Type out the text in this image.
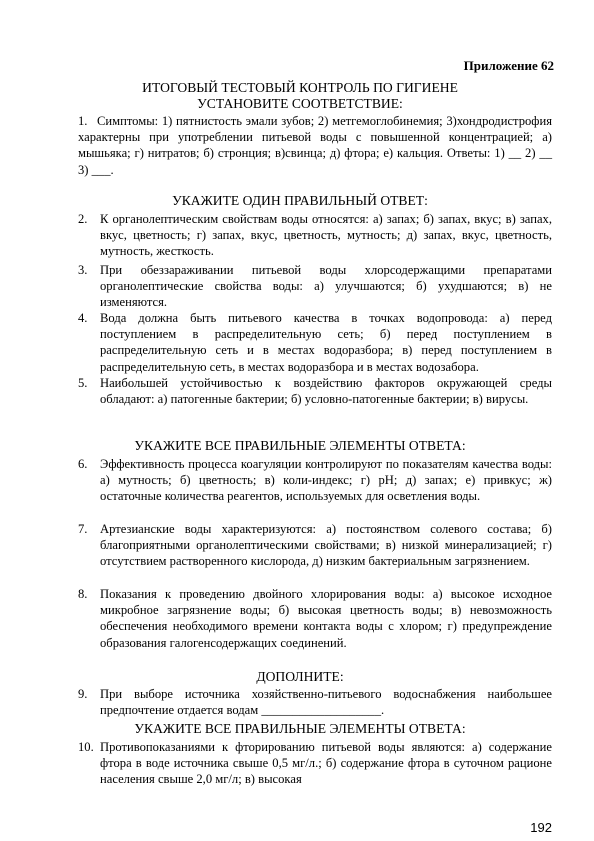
Приложение 62
ИТОГОВЫЙ ТЕСТОВЫЙ КОНТРОЛЬ ПО ГИГИЕНЕ
УСТАНОВИТЕ СООТВЕТСТВИЕ:
1. Симптомы: 1) пятнистость эмали зубов; 2) метгемоглобинемия; 3)хондродистрофия характерны при употреблении питьевой воды с повышенной концентрацией; а) мышьяка; г) нитратов; б) стронция; в)свинца; д) фтора; е) кальция. Ответы: 1) __ 2) __ 3) ___.
УКАЖИТЕ ОДИН ПРАВИЛЬНЫЙ ОТВЕТ:
2. К органолептическим свойствам воды относятся: а) запах; б) запах, вкус; в) запах, вкус, цветность; г) запах, вкус, цветность, мутность; д) запах, вкус, цветность, мутность, жесткость.
3. При обеззараживании питьевой воды хлорсодержащими препаратами органолептические свойства воды: а) улучшаются; б) ухудшаются; в) не изменяются.
4. Вода должна быть питьевого качества в точках водопровода: а) перед поступлением в распределительную сеть; б) перед поступлением в распределительную сеть и в местах водоразбора; в) перед поступлением в распределительную сеть, в местах водоразбора и в местах водозабора.
5. Наибольшей устойчивостью к воздействию факторов окружающей среды обладают: а) патогенные бактерии; б) условно-патогенные бактерии; в) вирусы.
УКАЖИТЕ ВСЕ ПРАВИЛЬНЫЕ ЭЛЕМЕНТЫ ОТВЕТА:
6. Эффективность процесса коагуляции контролируют по показателям качества воды: а) мутность; б) цветность; в) коли-индекс; г) pH; д) запах; е) привкус; ж) остаточные количества реагентов, используемых для осветления воды.
7. Артезианские воды характеризуются: а) постоянством солевого состава; б) благоприятными органолептическими свойствами; в) низкой минерализацией; г) отсутствием растворенного кислорода, д) низким бактериальным загрязнением.
8. Показания к проведению двойного хлорирования воды: а) высокое исходное микробное загрязнение воды; б) высокая цветность воды; в) невозможность обеспечения необходимого времени контакта воды с хлором; г) предупреждение образования галогенсодержащих соединений.
ДОПОЛНИТЕ:
9. При выборе источника хозяйственно-питьевого водоснабжения наибольшее предпочтение отдается водам ___________________.
УКАЖИТЕ ВСЕ ПРАВИЛЬНЫЕ ЭЛЕМЕНТЫ ОТВЕТА:
10. Противопоказаниями к фторированию питьевой воды являются: а) содержание фтора в воде источника свыше 0,5 мг/л.; б) содержание фтора в суточном рационе населения свыше 2,0 мг/л; в) высокая
192
